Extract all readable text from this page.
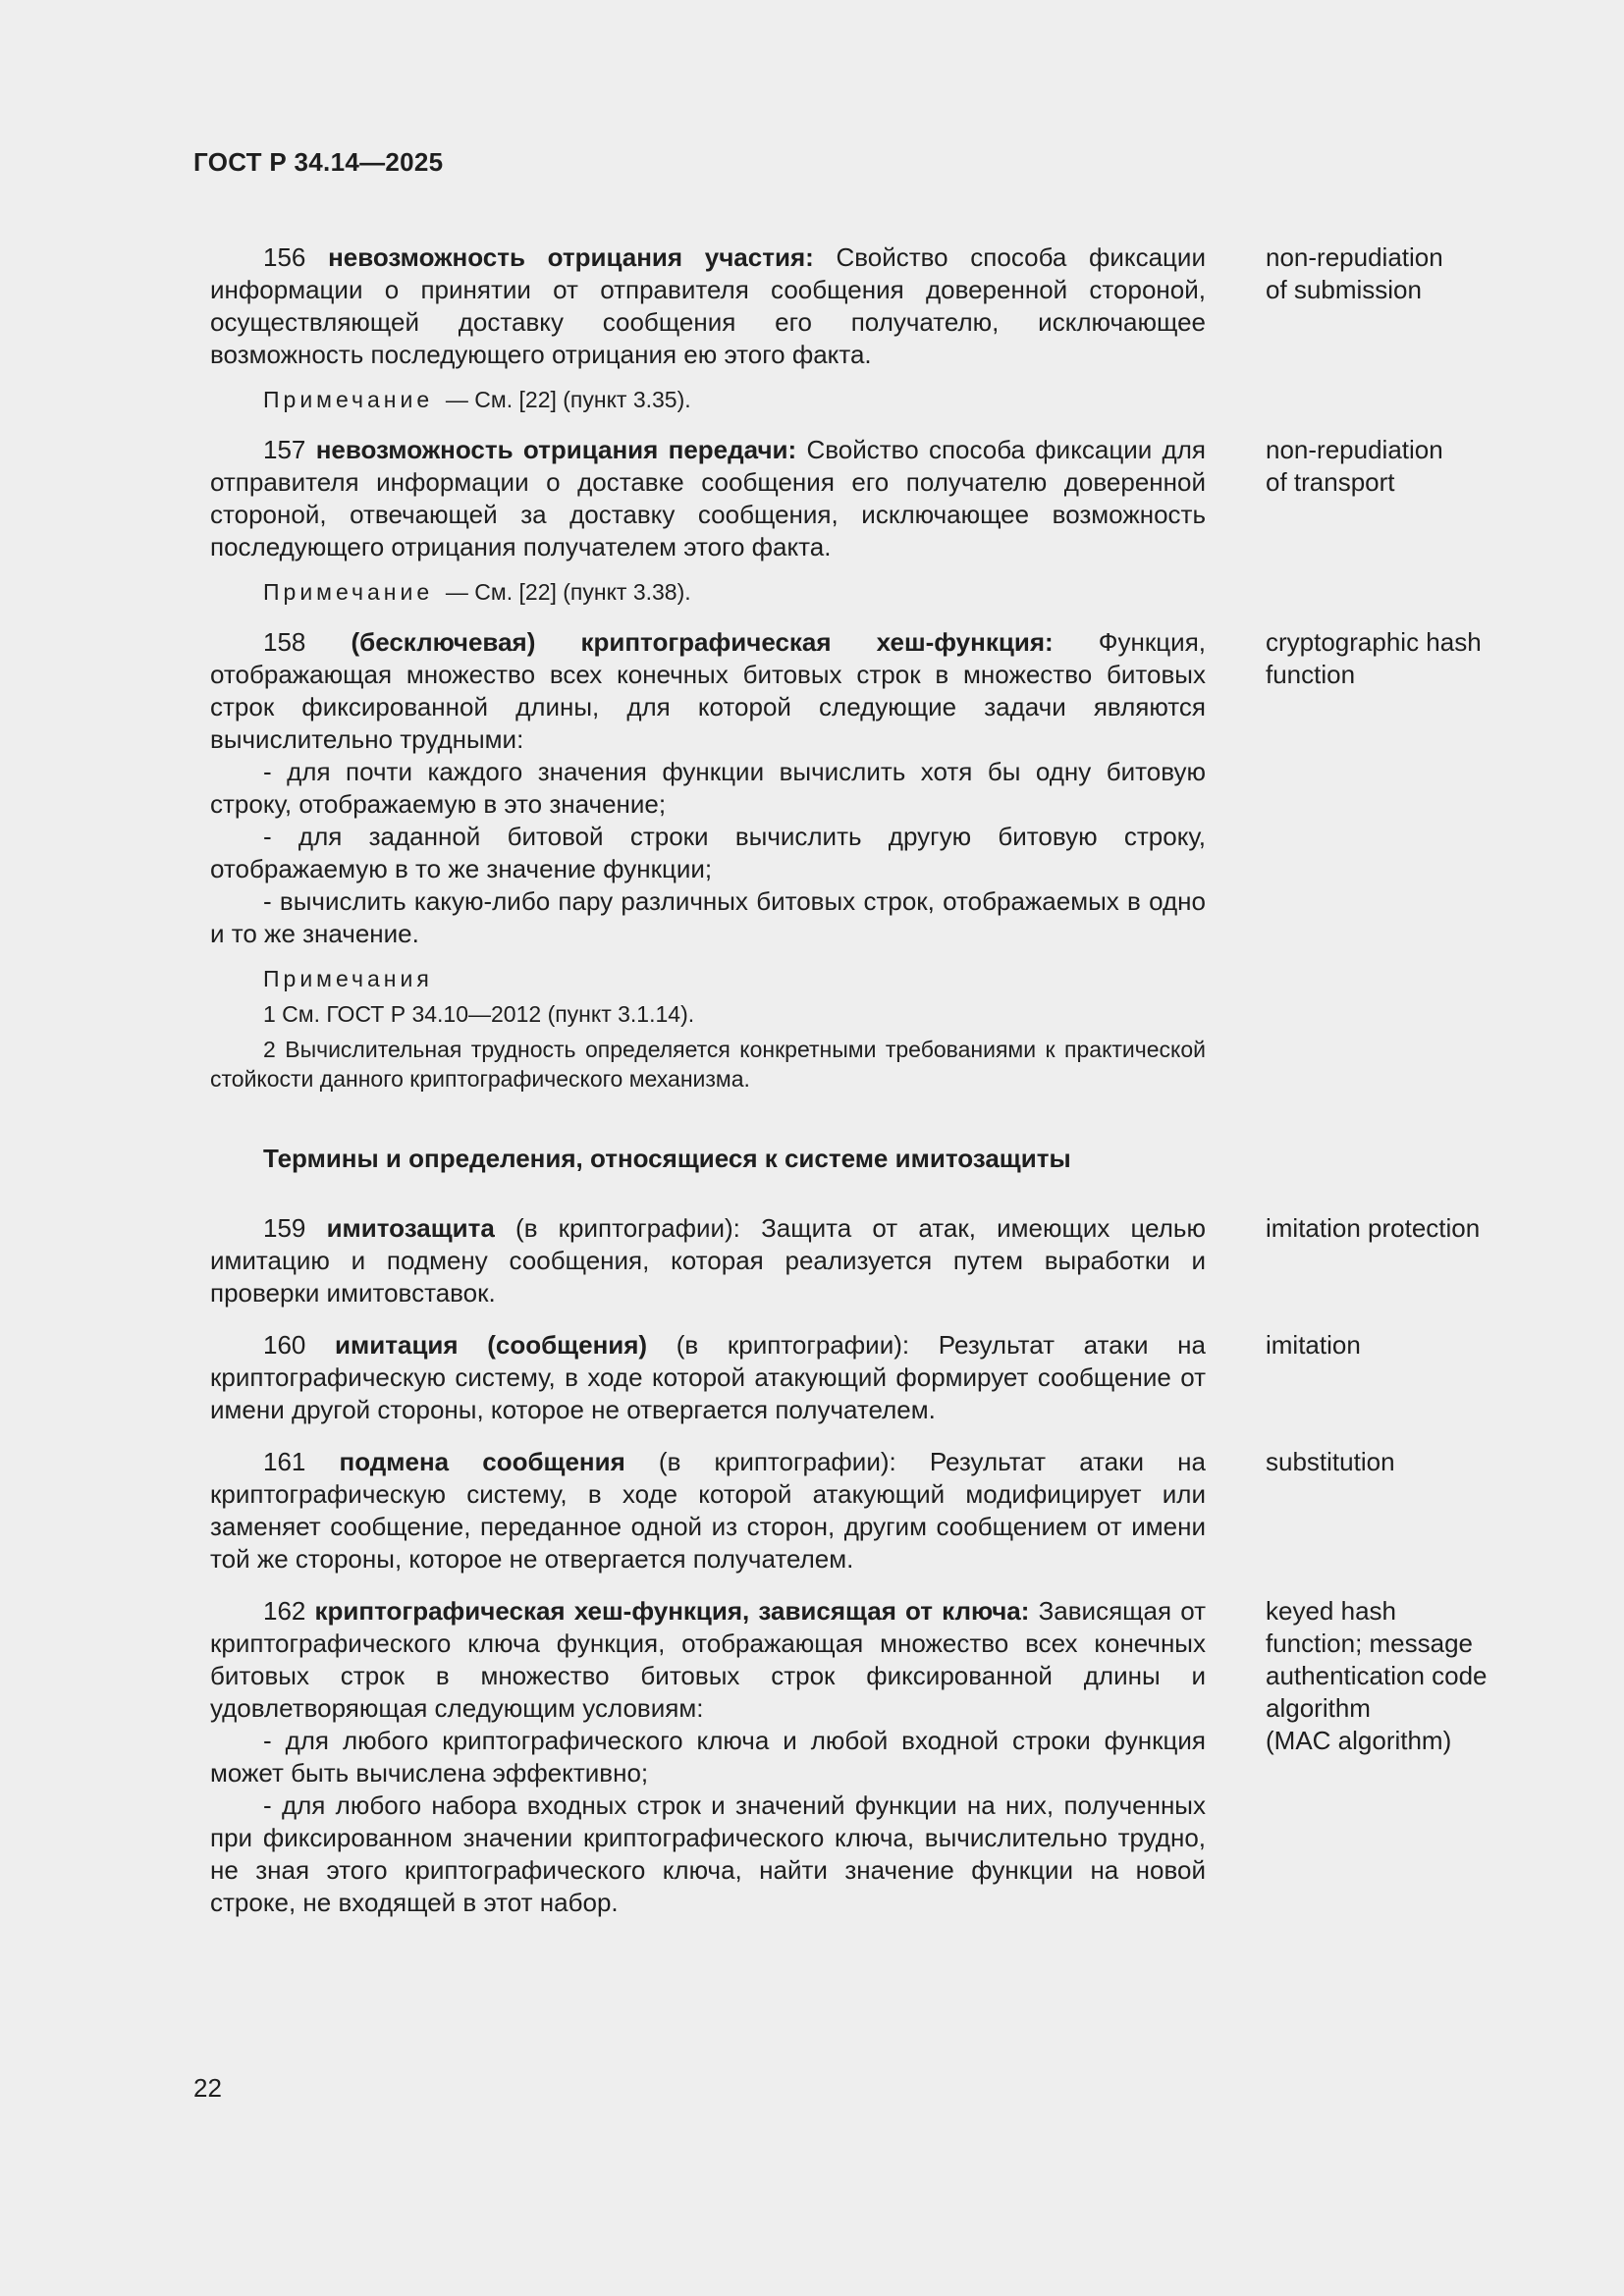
ГОСТ Р 34.14—2025

156 невозможность отрицания участия: Свойство способа фиксации информации о принятии от отправителя сообщения доверенной стороной, осуществляющей доставку сообщения его получателю, исключающее возможность последующего отрицания ею этого факта.

non-repudiation
of submission

Примечание — См. [22] (пункт 3.35).

157 невозможность отрицания передачи: Свойство способа фиксации для отправителя информации о доставке сообщения его получателю доверенной стороной, отвечающей за доставку сообщения, исключающее возможность последующего отрицания получателем этого факта.

non-repudiation
of transport

Примечание — См. [22] (пункт 3.38).

158 (бесключевая) криптографическая хеш-функция: Функция, отображающая множество всех конечных битовых строк в множество битовых строк фиксированной длины, для которой следующие задачи являются вычислительно трудными:

- для почти каждого значения функции вычислить хотя бы одну битовую строку, отображаемую в это значение;

- для заданной битовой строки вычислить другую битовую строку, отображаемую в то же значение функции;

- вычислить какую-либо пару различных битовых строк, отображаемых в одно и то же значение.

cryptographic hash
function

Примечания

1 См. ГОСТ Р 34.10—2012 (пункт 3.1.14).

2 Вычислительная трудность определяется конкретными требованиями к практической стойкости данного криптографического механизма.

Термины и определения, относящиеся к системе имитозащиты

159 имитозащита (в криптографии): Защита от атак, имеющих целью имитацию и подмену сообщения, которая реализуется путем выработки и проверки имитовставок.

imitation protection

160 имитация (сообщения) (в криптографии): Результат атаки на криптографическую систему, в ходе которой атакующий формирует сообщение от имени другой стороны, которое не отвергается получателем.

imitation

161 подмена сообщения (в криптографии): Результат атаки на криптографическую систему, в ходе которой атакующий модифицирует или заменяет сообщение, переданное одной из сторон, другим сообщением от имени той же стороны, которое не отвергается получателем.

substitution

162 криптографическая хеш-функция, зависящая от ключа: Зависящая от криптографического ключа функция, отображающая множество всех конечных битовых строк в множество битовых строк фиксированной длины и удовлетворяющая следующим условиям:

- для любого криптографического ключа и любой входной строки функция может быть вычислена эффективно;

- для любого набора входных строк и значений функции на них, полученных при фиксированном значении криптографического ключа, вычислительно трудно, не зная этого криптографического ключа, найти значение функции на новой строке, не входящей в этот набор.

keyed hash
function; message
authentication code
algorithm
(MAC algorithm)
22
